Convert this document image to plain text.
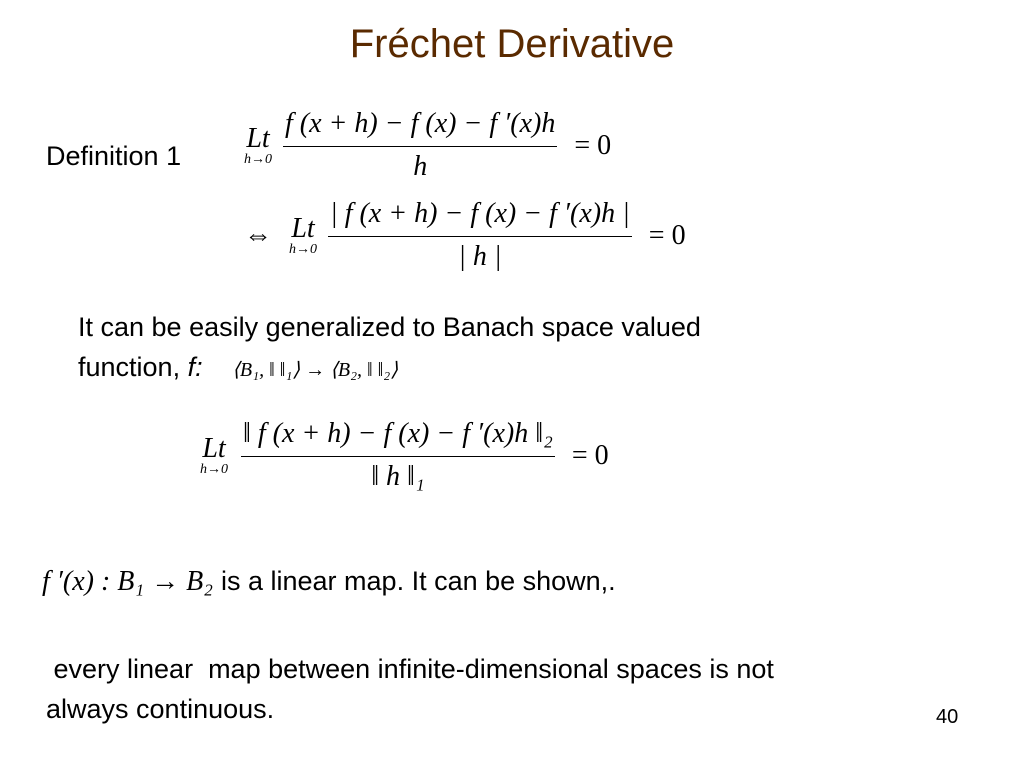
Fréchet Derivative
Definition 1
Lt
h→0
$\frac{f (x + h) - f (x) - f '(x)h}{h} = 0$
⇔ Lt
h→0
$\frac{| f (x + h) - f (x) - f '(x)h |}{| h |} = 0$
It can be easily generalized to Banach space valued
function, f: ⟨B₁, ‖ ‖₁⟩ → ⟨B₂, ‖ ‖₂⟩
Lt
h→0
$\frac{\text{‖ f (x + h) − f (x) − f ′(x)h ‖₂}}{\text{‖ h ‖₁}} = 0$
f ′(x) : B₁ → B₂ is a linear map. It can be shown,.
every linear  map between infinite-dimensional spaces is not
always continuous.	40
